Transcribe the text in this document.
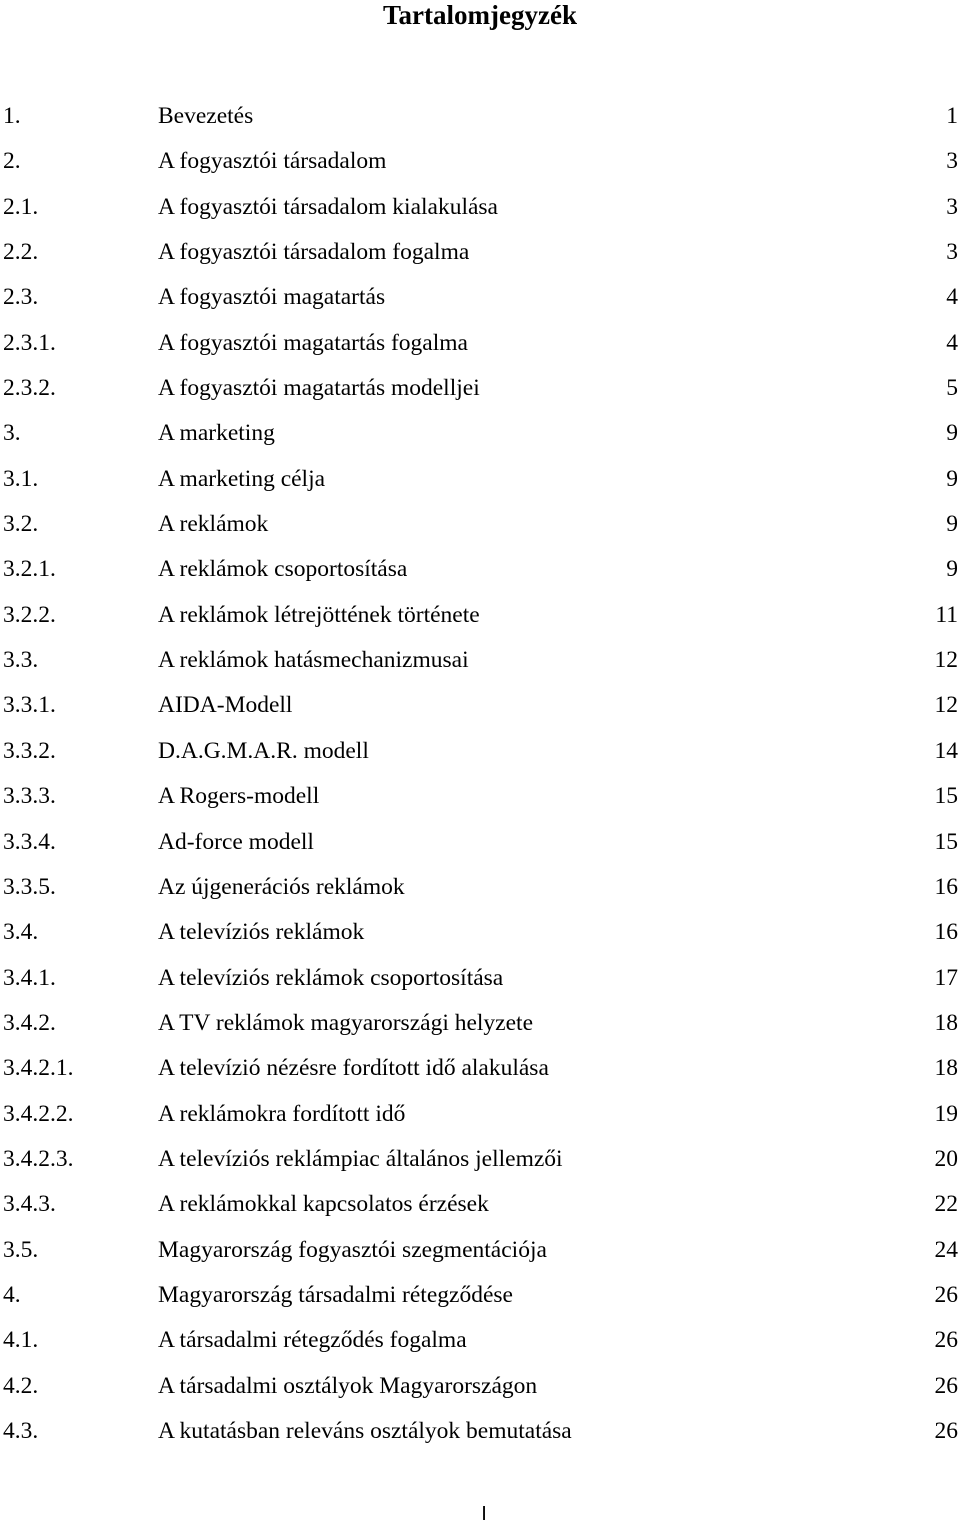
Tartalomjegyzék
1.	Bevezetés	1
2.	A fogyasztói társadalom	3
2.1.	A fogyasztói társadalom kialakulása	3
2.2.	A fogyasztói társadalom fogalma	3
2.3.	A fogyasztói magatartás	4
2.3.1.	A fogyasztói magatartás fogalma	4
2.3.2.	A fogyasztói magatartás modelljei	5
3.	A marketing	9
3.1.	A marketing célja	9
3.2.	A reklámok	9
3.2.1.	A reklámok csoportosítása	9
3.2.2.	A reklámok létrejöttének története	11
3.3.	A reklámok hatásmechanizmusai	12
3.3.1.	AIDA-Modell	12
3.3.2.	D.A.G.M.A.R. modell	14
3.3.3.	A Rogers-modell	15
3.3.4.	Ad-force modell	15
3.3.5.	Az újgenerációs reklámok	16
3.4.	A televíziós reklámok	16
3.4.1.	A televíziós reklámok csoportosítása	17
3.4.2.	A TV reklámok magyarországi helyzete	18
3.4.2.1.	A televízió nézésre fordított idő alakulása	18
3.4.2.2.	A reklámokra fordított idő	19
3.4.2.3.	A televíziós reklámpiac általános jellemzői	20
3.4.3.	A reklámokkal kapcsolatos érzések	22
3.5.	Magyarország fogyasztói szegmentációja	24
4.	Magyarország társadalmi rétegződése	26
4.1.	A társadalmi rétegződés fogalma	26
4.2.	A társadalmi osztályok Magyarországon	26
4.3.	A kutatásban releváns osztályok bemutatása	26
I
